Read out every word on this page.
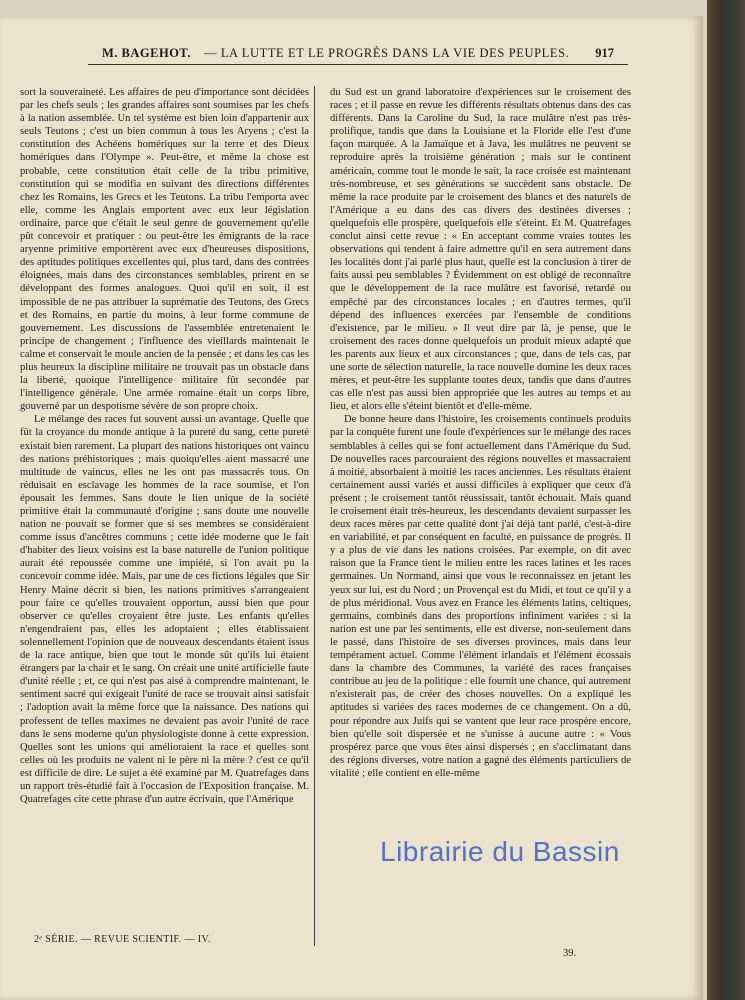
M. BAGEHOT. — LA LUTTE ET LE PROGRÈS DANS LA VIE DES PEUPLES. 917

sort la souveraineté. Les affaires de peu d'importance sont décidées par les chefs seuls ; les grandes affaires sont soumises par les chefs à la nation assemblée. Un tel système est bien loin d'appartenir aux seuls Teutons ; c'est un bien commun à tous les Aryens ; c'est la constitution des Achéens homériques sur la terre et des Dieux homériques dans l'Olympe ». Peut-être, et même la chose est probable, cette constitution était celle de la tribu primitive, constitution qui se modifia en suivant des directions différentes chez les Romains, les Grecs et les Teutons. La tribu l'emporta avec elle, comme les Anglais emportent avec eux leur législation ordinaire, parce que c'était le seul genre de gouvernement qu'elle pût concevoir et pratiquer : ou peut-être les émigrants de la race aryenne primitive emportèrent avec eux d'heureuses dispositions, des aptitudes politiques excellentes qui, plus tard, dans des contrées éloignées, mais dans des circonstances semblables, prirent en se développant des formes analogues. Quoi qu'il en soit, il est impossible de ne pas attribuer la suprématie des Teutons, des Grecs et des Romains, en partie du moins, à leur forme commune de gouvernement. Les discussions de l'assemblée entretenaient le principe de changement ; l'influence des vieillards maintenait le calme et conservait le moule ancien de la pensée ; et dans les cas les plus heureux la discipline militaire ne trouvait pas un obstacle dans la liberté, quoique l'intelligence militaire fût secondée par l'intelligence générale. Une armée romaine était un corps libre, gouverné par un despotisme sévère de son propre choix.

Le mélange des races fut souvent aussi un avantage. Quelle que fût la croyance du monde antique à la pureté du sang, cette pureté existait bien rarement. La plupart des nations historiques ont vaincu des nations préhistoriques ; mais quoiqu'elles aient massacré une multitude de vaincus, elles ne les ont pas massacrés tous. On réduisait en esclavage les hommes de la race soumise, et l'on épousait les femmes. Sans doute le lien unique de la société primitive était la communauté d'origine ; sans doute une nouvelle nation ne pouvait se former que si ses membres se considéraient comme issus d'ancêtres communs ; cette idée moderne que le fait d'habiter des lieux voisins est la base naturelle de l'union politique aurait été repoussée comme une impiété, si l'on avait pu la concevoir comme idée. Mais, par une de ces fictions légales que Sir Henry Maine décrit si bien, les nations primitives s'arrangeaient pour faire ce qu'elles trouvaient opportun, aussi bien que pour observer ce qu'elles croyaient être juste. Les enfants qu'elles n'engendraient pas, elles les adoptaient ; elles établissaient solennellement l'opinion que de nouveaux descendants étaient issus de la race antique, bien que tout le monde sût qu'ils lui étaient étrangers par la chair et le sang. On créait une unité artificielle faute d'unité réelle ; et, ce qui n'est pas aisé à comprendre maintenant, le sentiment sacré qui exigeait l'unité de race se trouvait ainsi satisfait ; l'adoption avait la même force que la naissance. Des nations qui professent de telles maximes ne devaient pas avoir l'unité de race dans le sens moderne qu'un physiologiste donne à cette expression. Quelles sont les unions qui amélioraient la race et quelles sont celles où les produits ne valent ni le père ni la mère ? c'est ce qu'il est difficile de dire. Le sujet a été examiné par M. Quatrefages dans un rapport très-étudié fait à l'occasion de l'Exposition française. M. Quatrefages cite cette phrase d'un autre écrivain, que l'Amérique

du Sud est un grand laboratoire d'expériences sur le croisement des races ; et il passe en revue les différents résultats obtenus dans des cas différents. Dans la Caroline du Sud, la race mulâtre n'est pas très-prolifique, tandis que dans la Louisiane et la Floride elle l'est d'une façon marquée. A la Jamaïque et à Java, les mulâtres ne peuvent se reproduire après la troisième génération ; mais sur le continent américain, comme tout le monde le sait, la race croisée est maintenant très-nombreuse, et ses générations se succèdent sans obstacle. De même la race produite par le croisement des blancs et des naturels de l'Amérique a eu dans des cas divers des destinées diverses ; quelquefois elle prospère, quelquefois elle s'éteint. Et M. Quatrefages conclut ainsi cette revue : « En acceptant comme vraies toutes les observations qui tendent à faire admettre qu'il en sera autrement dans les localités dont j'ai parlé plus haut, quelle est la conclusion à tirer de faits aussi peu semblables ? Évidemment on est obligé de reconnaître que le développement de la race mulâtre est favorisé, retardé ou empêché par des circonstances locales ; en d'autres termes, qu'il dépend des influences exercées par l'ensemble de conditions d'existence, par le milieu. » Il veut dire par là, je pense, que le croisement des races donne quelquefois un produit mieux adapté que les parents aux lieux et aux circonstances ; que, dans de tels cas, par une sorte de sélection naturelle, la race nouvelle domine les deux races mères, et peut-être les supplante toutes deux, tandis que dans d'autres cas elle n'est pas aussi bien appropriée que les autres au temps et au lieu, et alors elle s'éteint bientôt et d'elle-même.

De bonne heure dans l'histoire, les croisements continuels produits par la conquête furent une foule d'expériences sur le mélange des races semblables à celles qui se font actuellement dans l'Amérique du Sud. De nouvelles races parcouraient des régions nouvelles et massacraient à moitié, absorbaient à moitié les races anciennes. Les résultats étaient certainement aussi variés et aussi difficiles à expliquer que ceux d'à présent ; le croisement tantôt réussissait, tantôt échouait. Mais quand le croisement était très-heureux, les descendants devaient surpasser les deux races mères par cette qualité dont j'ai déjà tant parlé, c'est-à-dire en variabilité, et par conséquent en faculté, en puissance de progrès. Il y a plus de vie dans les nations croisées. Par exemple, on dit avec raison que la France tient le milieu entre les races latines et les races germaines. Un Normand, ainsi que vous le reconnaissez en jetant les yeux sur lui, est du Nord ; un Provençal est du Midi, et tout ce qu'il y a de plus méridional. Vous avez en France les éléments latins, celtiques, germains, combinés dans des proportions infiniment variées : si la nation est une par les sentiments, elle est diverse, non-seulement dans le passé, dans l'histoire de ses diverses provinces, mais dans leur tempérament actuel. Comme l'élément irlandais et l'élément écossais dans la chambre des Communes, la variété des races françaises contribue au jeu de la politique : elle fournit une chance, qui autrement n'existerait pas, de créer des choses nouvelles. On a expliqué les aptitudes si variées des races modernes de ce changement. On a dû, pour répondre aux Juifs qui se vantent que leur race prospère encore, bien qu'elle soit dispersée et ne s'unisse à aucune autre : « Vous prospérez parce que vous êtes ainsi dispersés ; en s'acclimatant dans des régions diverses, votre nation a gagné des éléments particuliers de vitalité ; elle contient en elle-même

2ᵉ SÉRIE. — REVUE SCIENTIF. — IV.
39.
Librairie du Bassin
